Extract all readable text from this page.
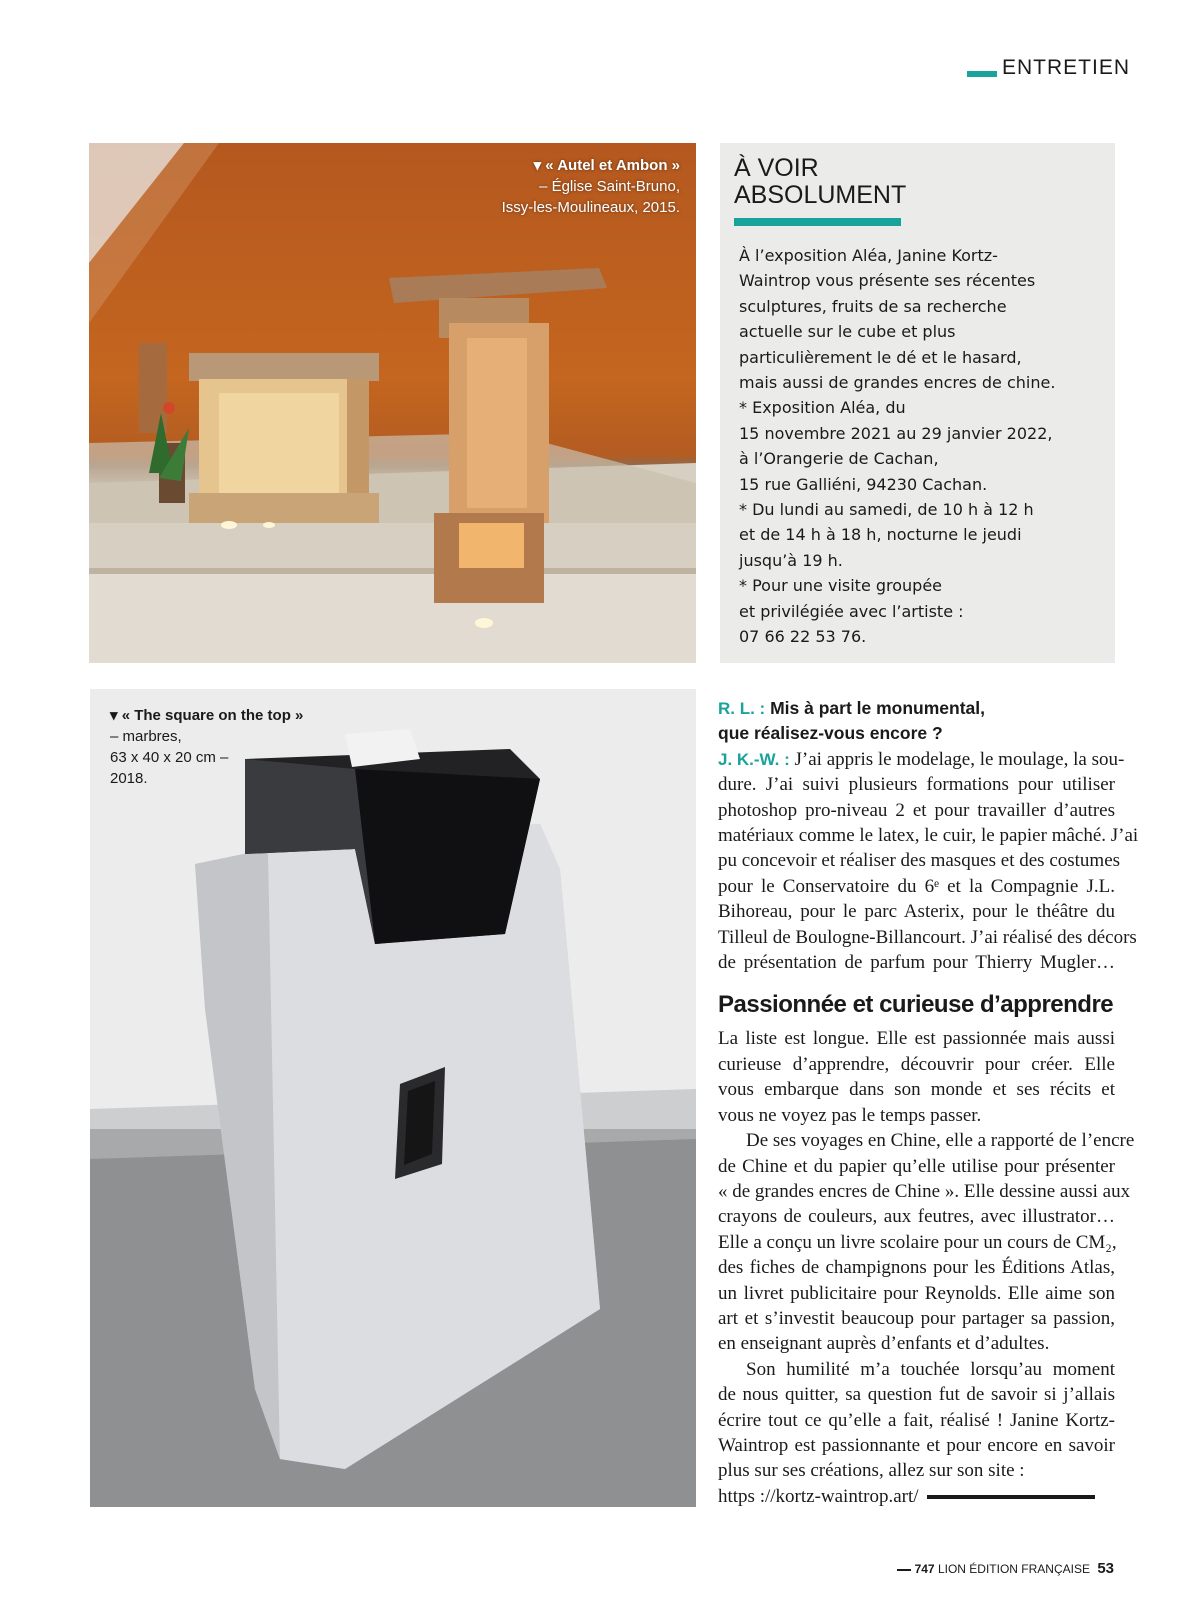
ENTRETIEN
▾ « Autel et Ambon »
– Église Saint-Bruno,
Issy-les-Moulineaux, 2015.
À VOIR
ABSOLUMENT
À l’exposition Aléa, Janine Kortz-
Waintrop vous présente ses récentes
sculptures, fruits de sa recherche
actuelle sur le cube et plus
particulièrement le dé et le hasard,
mais aussi de grandes encres de chine.
* Exposition Aléa, du
15 novembre 2021 au 29 janvier 2022,
à l’Orangerie de Cachan,
15 rue Galliéni, 94230 Cachan.
* Du lundi au samedi, de 10 h à 12 h
et de 14 h à 18 h, nocturne le jeudi
jusqu’à 19 h.
* Pour une visite groupée
et privilégiée avec l’artiste :
07 66 22 53 76.
▾ « The square on the top »
– marbres,
63 x 40 x 20 cm –
2018.
R. L. : Mis à part le monumental,
que réalisez-vous encore ?
J. K.-W. : J’ai appris le modelage, le moulage, la sou-
dure. J’ai suivi plusieurs formations pour utiliser
photoshop pro-niveau 2 et pour travailler d’autres
matériaux comme le latex, le cuir, le papier mâché. J’ai
pu concevoir et réaliser des masques et des costumes
pour le Conservatoire du 6ᵉ et la Compagnie J.L.
Bihoreau, pour le parc Asterix, pour le théâtre du
Tilleul de Boulogne-Billancourt. J’ai réalisé des décors
de présentation de parfum pour Thierry Mugler…
Passionnée et curieuse d’apprendre
La liste est longue. Elle est passionnée mais aussi
curieuse d’apprendre, découvrir pour créer. Elle
vous embarque dans son monde et ses récits et
vous ne voyez pas le temps passer.
De ses voyages en Chine, elle a rapporté de l’encre
de Chine et du papier qu’elle utilise pour présenter
« de grandes encres de Chine ». Elle dessine aussi aux
crayons de couleurs, aux feutres, avec illustrator…
Elle a conçu un livre scolaire pour un cours de CM₂,
des fiches de champignons pour les Éditions Atlas,
un livret publicitaire pour Reynolds. Elle aime son
art et s’investit beaucoup pour partager sa passion,
en enseignant auprès d’enfants et d’adultes.
Son humilité m’a touchée lorsqu’au moment
de nous quitter, sa question fut de savoir si j’allais
écrire tout ce qu’elle a fait, réalisé ! Janine Kortz-
Waintrop est passionnante et pour encore en savoir
plus sur ses créations, allez sur son site :
https ://kortz-waintrop.art/
747 LION ÉDITION FRANÇAISE 53
